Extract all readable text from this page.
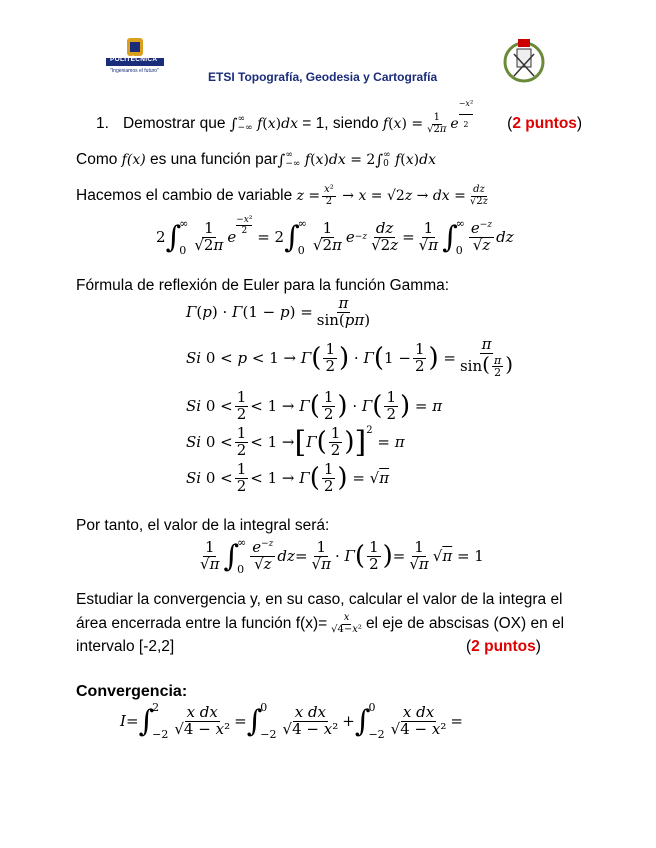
POLITÉCNICA
"Ingeniamos el futuro"	ETSI Topografía, Geodesia y Cartografía
1. Demostrar que
∫ ∞
−∞ f ( x ) dx
= 1, siendo
f ( x ) = $\frac{1}{√2\pi}$ e
−x²
2 ( 2 puntos )
Como
f(x)
es una función par ∫ ∞
−∞ f(x)dx = 2 ∫ ∞
0 f(x)dx
Hacemos el cambio de variable
$z = \frac{\text{x²}}{2} \to x = √2z$ → dx = $\frac{dz}{√2z}$
2 ∫
∞
$0 \frac{1}{√2\pi}$ e
$\frac{\text{−x²}}{2}$
= 2 ∫
∞
$0 \frac{1}{√2\pi}$ $e -z \frac{dz}{√2z} = \frac{1}{√\pi}$ ∫
∞
$0 \frac{e^{-z}}{√z}$ dz
Fórmula de reflexión de Euler para la función Gamma:
$\Gamma(p) \cdot \Gamma(1 - p) = \frac{\pi}{\sin(p\pi)}$
Si 0 < p < 1 → Γ ( $\frac{1}{2}$ ) · Γ ( $1 - \frac{1}{2}$ ) = $\frac{\pi}{\sin( \frac{\pi}{2} )}$
Si $0 < \frac{1}{2} < 1 \to \Gamma$ ( $\frac{1}{2}$ ) · Γ ( $\frac{1}{2}$ ) = π
Si $0 < \frac{1}{2} < 1$ → [ Γ ( $\frac{1}{2}$ ) ]$^2$
= π
Si $0 < \frac{1}{2} < 1 \to \Gamma$ ( $\frac{1}{2}$ ) = √π
Por tanto, el valor de la integral será:
$\frac{1}{√\pi}$ ∫
∞
$0 \frac{e^{-z}}{√z}$ dz = $\frac{1}{√\pi} \cdot \Gamma$ ( $\frac{1}{2}$ ) = $\frac{1}{√\pi} √\pi = 1$
Estudiar la convergencia y, en su caso, calcular el valor de la integra el
área encerrada entre la función $f(x)= \frac{x}{\text{√4−x²}}$ el eje de abscisas (OX) en el
intervalo [-2,2]	(2 puntos)
Convergencia:
I = ∫
2
$-2 \frac{\text{x dx}}{\text{√4 − x²}}$ = ∫
0
$-2 \frac{\text{x dx}}{\text{√4 − x²}}$ + ∫
0
$-2 \frac{\text{x dx}}{\text{√4 − x²}}$ =
